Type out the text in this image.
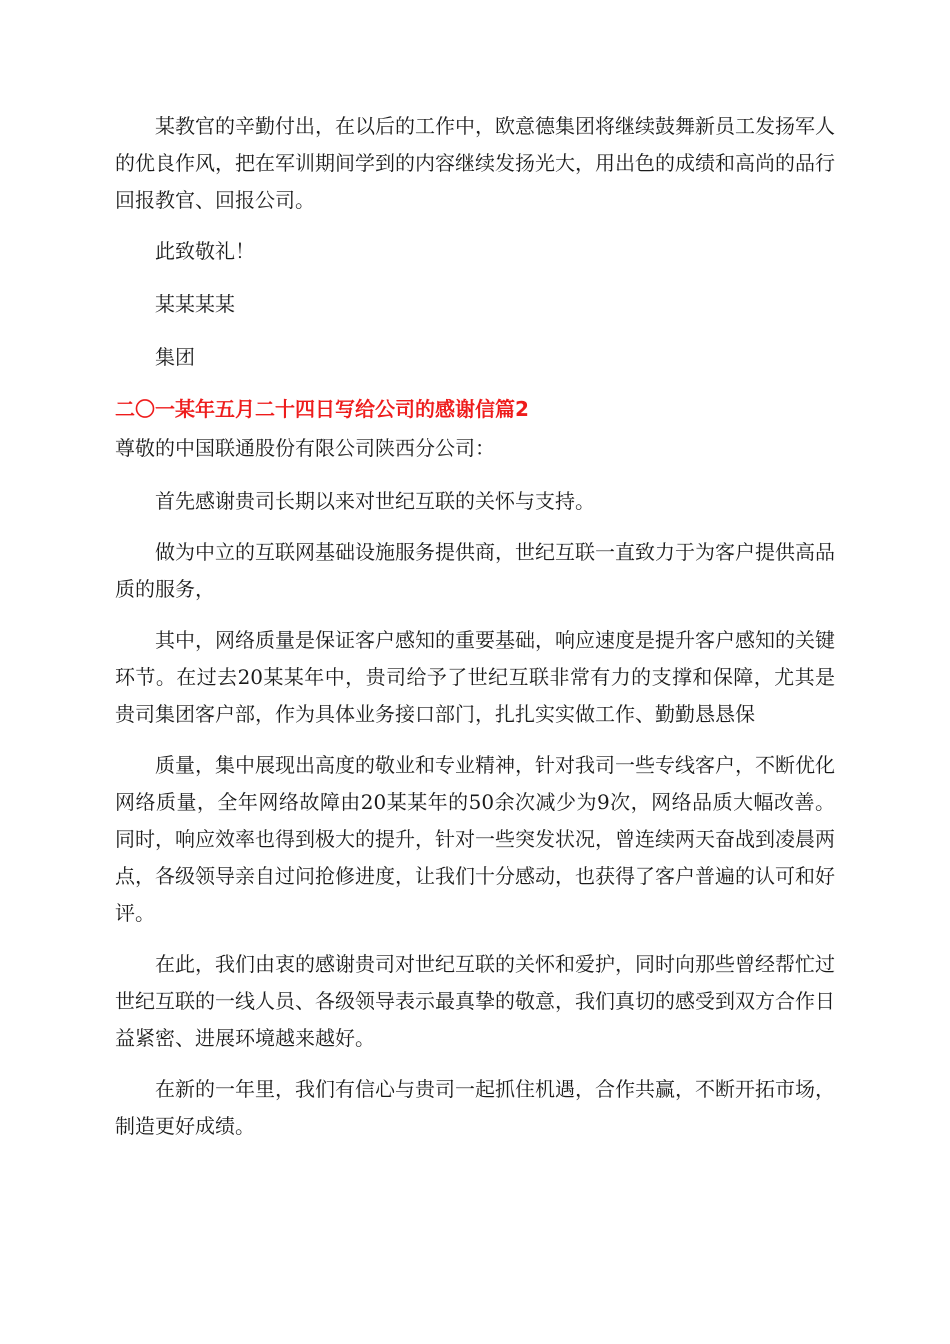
某教官的辛勤付出，在以后的工作中，欧意德集团将继续鼓舞新员工发扬军人的优良作风，把在军训期间学到的内容继续发扬光大，用出色的成绩和高尚的品行回报教官、回报公司。

此致敬礼！

某某某某

集团

二〇一某年五月二十四日写给公司的感谢信篇2

尊敬的中国联通股份有限公司陕西分公司：

首先感谢贵司长期以来对世纪互联的关怀与支持。

做为中立的互联网基础设施服务提供商，世纪互联一直致力于为客户提供高品质的服务，

其中，网络质量是保证客户感知的重要基础，响应速度是提升客户感知的关键环节。在过去20某某年中，贵司给予了世纪互联非常有力的支撑和保障，尤其是贵司集团客户部，作为具体业务接口部门，扎扎实实做工作、勤勤恳恳保

质量，集中展现出高度的敬业和专业精神，针对我司一些专线客户，不断优化网络质量，全年网络故障由20某某年的50余次减少为9次，网络品质大幅改善。同时，响应效率也得到极大的提升，针对一些突发状况，曾连续两天奋战到凌晨两点，各级领导亲自过问抢修进度，让我们十分感动，也获得了客户普遍的认可和好评。

在此，我们由衷的感谢贵司对世纪互联的关怀和爱护，同时向那些曾经帮忙过世纪互联的一线人员、各级领导表示最真挚的敬意，我们真切的感受到双方合作日益紧密、进展环境越来越好。

在新的一年里，我们有信心与贵司一起抓住机遇，合作共赢，不断开拓市场，制造更好成绩。
